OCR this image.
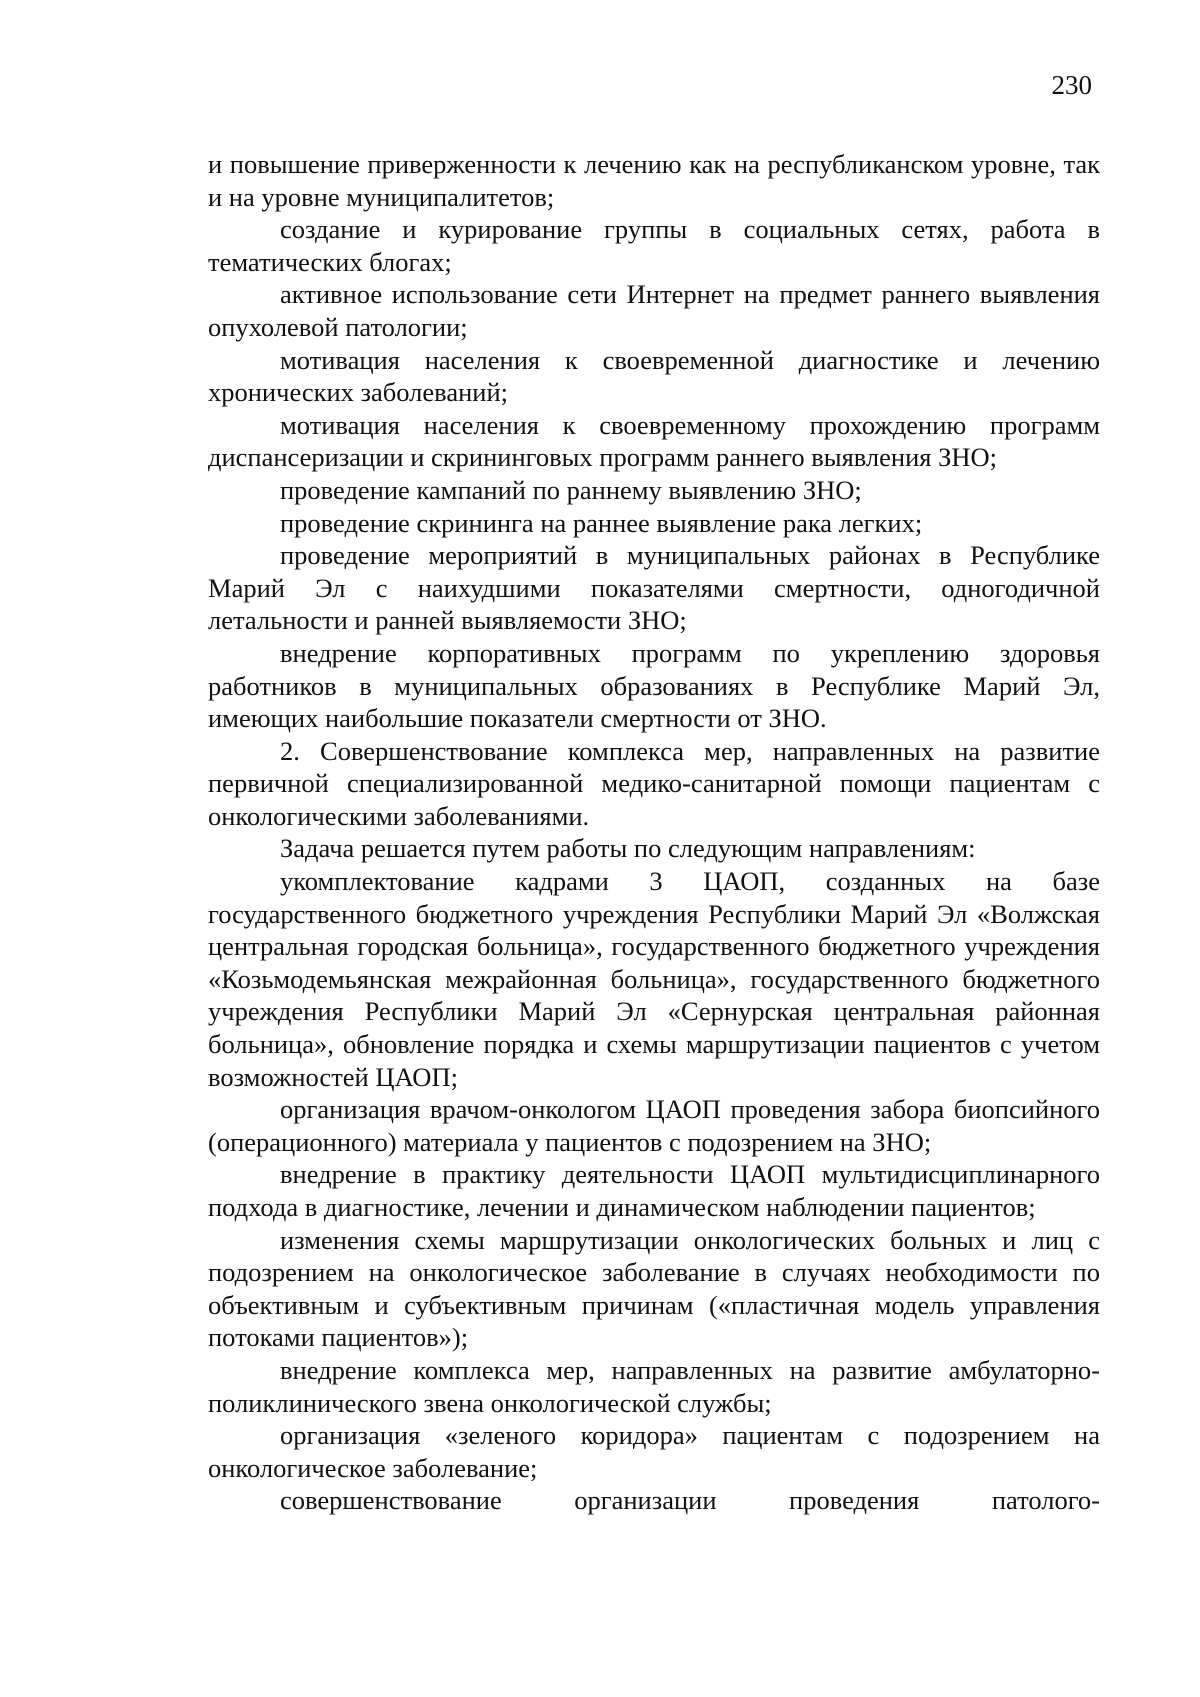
230

и повышение приверженности к лечению как на республиканском уровне, так и на уровне муниципалитетов;

создание и курирование группы в социальных сетях, работа в тематических блогах;

активное использование сети Интернет на предмет раннего выявления опухолевой патологии;

мотивация населения к своевременной диагностике и лечению хронических заболеваний;

мотивация населения к своевременному прохождению программ диспансеризации и скрининговых программ раннего выявления ЗНО;

проведение кампаний по раннему выявлению ЗНО;

проведение скрининга на раннее выявление рака легких;

проведение мероприятий в муниципальных районах в Республике Марий Эл с наихудшими показателями смертности, одногодичной летальности и ранней выявляемости ЗНО;

внедрение корпоративных программ по укреплению здоровья работников в муниципальных образованиях в Республике Марий Эл, имеющих наибольшие показатели смертности от ЗНО.

2. Совершенствование комплекса мер, направленных на развитие первичной специализированной медико-санитарной помощи пациентам с онкологическими заболеваниями.

Задача решается путем работы по следующим направлениям:

укомплектование кадрами 3 ЦАОП, созданных на базе государственного бюджетного учреждения Республики Марий Эл «Волжская центральная городская больница», государственного бюджетного учреждения «Козьмодемьянская межрайонная больница», государственного бюджетного учреждения Республики Марий Эл «Сернурская центральная районная больница», обновление порядка и схемы маршрутизации пациентов с учетом возможностей ЦАОП;

организация врачом-онкологом ЦАОП проведения забора биопсийного (операционного) материала у пациентов с подозрением на ЗНО;

внедрение в практику деятельности ЦАОП мультидисциплинарного подхода в диагностике, лечении и динамическом наблюдении пациентов;

изменения схемы маршрутизации онкологических больных и лиц с подозрением на онкологическое заболевание в случаях необходимости по объективным и субъективным причинам («пластичная модель управления потоками пациентов»);

внедрение комплекса мер, направленных на развитие амбулаторно-поликлинического звена онкологической службы;

организация «зеленого коридора» пациентам с подозрением на онкологическое заболевание;

совершенствование организации проведения патолого-
